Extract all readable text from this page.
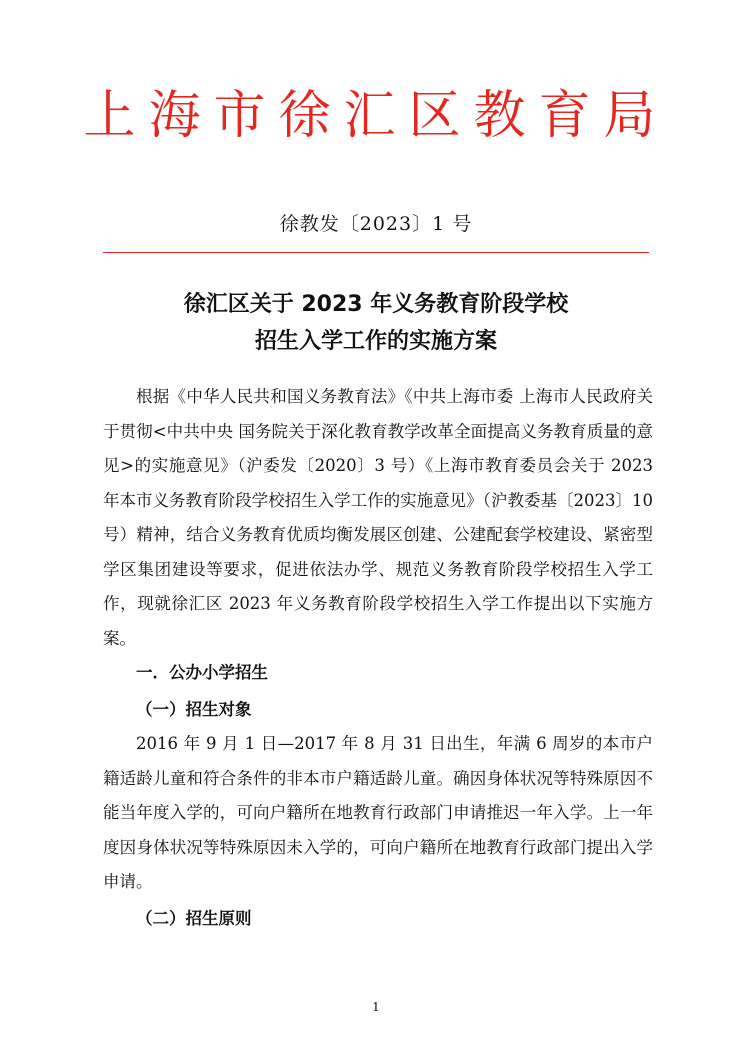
上海市徐汇区教育局
徐教发〔2023〕1 号
徐汇区关于 2023 年义务教育阶段学校
招生入学工作的实施方案

根据《中华人民共和国义务教育法》《中共上海市委 上海市人民政府关于贯彻<中共中央 国务院关于深化教育教学改革全面提高义务教育质量的意见>的实施意见》（沪委发〔2020〕3 号）《上海市教育委员会关于 2023 年本市义务教育阶段学校招生入学工作的实施意见》（沪教委基〔2023〕10 号）精神，结合义务教育优质均衡发展区创建、公建配套学校建设、紧密型学区集团建设等要求，促进依法办学、规范义务教育阶段学校招生入学工作，现就徐汇区 2023 年义务教育阶段学校招生入学工作提出以下实施方案。

一．公办小学招生

（一）招生对象

2016 年 9 月 1 日—2017 年 8 月 31 日出生，年满 6 周岁的本市户籍适龄儿童和符合条件的非本市户籍适龄儿童。确因身体状况等特殊原因不能当年度入学的，可向户籍所在地教育行政部门申请推迟一年入学。上一年度因身体状况等特殊原因未入学的，可向户籍所在地教育行政部门提出入学申请。

（二）招生原则

1
